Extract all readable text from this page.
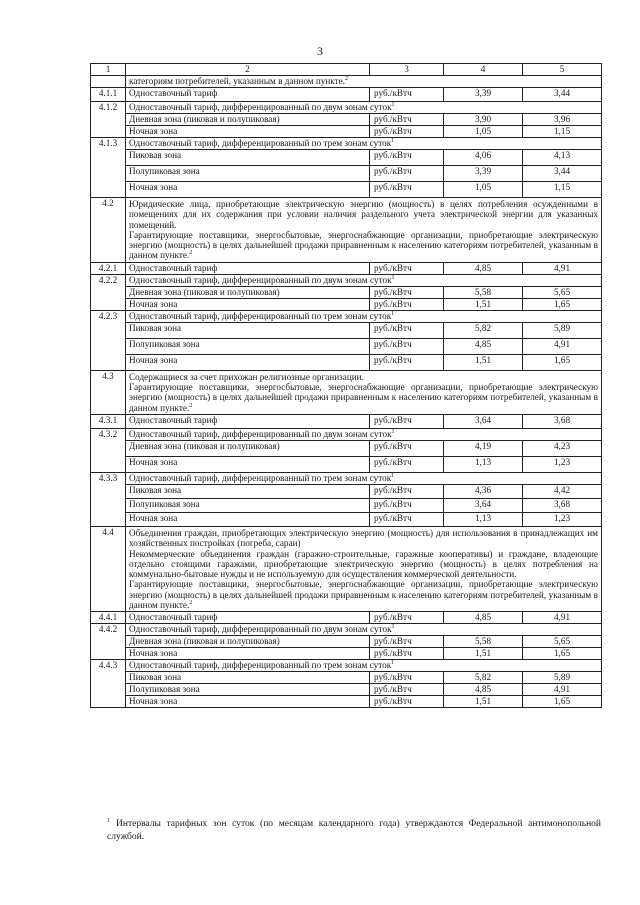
3
1	2	3	4	5
	категориям потребителей, указанным в данном пункте.$^2$
4.1.1	Одноставочный тариф	руб./кВтч	3,39	3,44
4.1.2	Одноставочный тариф, дифференцированный по двум зонам суток$^1$
	Дневная зона (пиковая и полупиковая)	руб./кВтч	3,90	3,96
	Ночная зона	руб./кВтч	1,05	1,15
4.1.3	Одноставочный тариф, дифференцированный по трем зонам суток$^1$
	Пиковая зона	руб./кВтч	4,06	4,13
	Полупиковая зона	руб./кВтч	3,39	3,44
	Ночная зона	руб./кВтч	1,05	1,15
4.2	Юридические лица, приобретающие электрическую энергию (мощность) в целях потребления осужденными в помещениях для их содержания при условии наличия раздельного учета электрической энергии для указанных помещений.
Гарантирующие поставщики, энергосбытовые, энергоснабжающие организации, приобретающие электрическую энергию (мощность) в целях дальнейшей продажи приравненным к населению категориям потребителей, указанным в данном пункте.$^2$

4.2.1	Одноставочный тариф	руб./кВтч	4,85	4,91
4.2.2	Одноставочный тариф, дифференцированный по двум зонам суток$^1$
	Дневная зона (пиковая и полупиковая)	руб./кВтч	5,58	5,65
	Ночная зона	руб./кВтч	1,51	1,65
4.2.3	Одноставочный тариф, дифференцированный по трем зонам суток$^1$
	Пиковая зона	руб./кВтч	5,82	5,89
	Полупиковая зона	руб./кВтч	4,85	4,91
	Ночная зона	руб./кВтч	1,51	1,65
4.3	Содержащиеся за счет прихожан религиозные организации.
Гарантирующие поставщики, энергосбытовые, энергоснабжающие организации, приобретающие электрическую энергию (мощность) в целях дальнейшей продажи приравненным к населению категориям потребителей, указанным в данном пункте.$^2$

4.3.1	Одноставочный тариф	руб./кВтч	3,64	3,68
4.3.2	Одноставочный тариф, дифференцированный по двум зонам суток$^1$
	Дневная зона (пиковая и полупиковая)	руб./кВтч	4,19	4,23
	Ночная зона	руб./кВтч	1,13	1,23
4.3.3	Одноставочный тариф, дифференцированный по трем зонам суток$^1$
	Пиковая зона	руб./кВтч	4,36	4,42
	Полупиковая зона	руб./кВтч	3,64	3,68
	Ночная зона	руб./кВтч	1,13	1,23
4.4	Объединения граждан, приобретающих электрическую энергию (мощность) для использования в принадлежащих им хозяйственных постройках (погреба, сараи)
Некоммерческие объединения граждан (гаражно-строительные, гаражные кооперативы) и граждане, владеющие отдельно стоящими гаражами, приобретающие электрическую энергию (мощность) в целях потребления на коммунально-бытовые нужды и не используемую для осуществления коммерческой деятельности.
Гарантирующие поставщики, энергосбытовые, энергоснабжающие организации, приобретающие электрическую энергию (мощность) в целях дальнейшей продажи приравненным к населению категориям потребителей, указанным в данном пункте.$^2$

4.4.1	Одноставочный тариф	руб./кВтч	4,85	4,91
4.4.2	Одноставочный тариф, дифференцированный по двум зонам суток$^1$
	Дневная зона (пиковая и полупиковая)	руб./кВтч	5,58	5,65
	Ночная зона	руб./кВтч	1,51	1,65
4.4.3	Одноставочный тариф, дифференцированный по трем зонам суток$^1$
	Пиковая зона	руб./кВтч	5,82	5,89
	Полупиковая зона	руб./кВтч	4,85	4,91
	Ночная зона	руб./кВтч	1,51	1,65
$^1$ Интервалы тарифных зон суток (по месяцам календарного года) утверждаются Федеральной антимонопольной службой.
